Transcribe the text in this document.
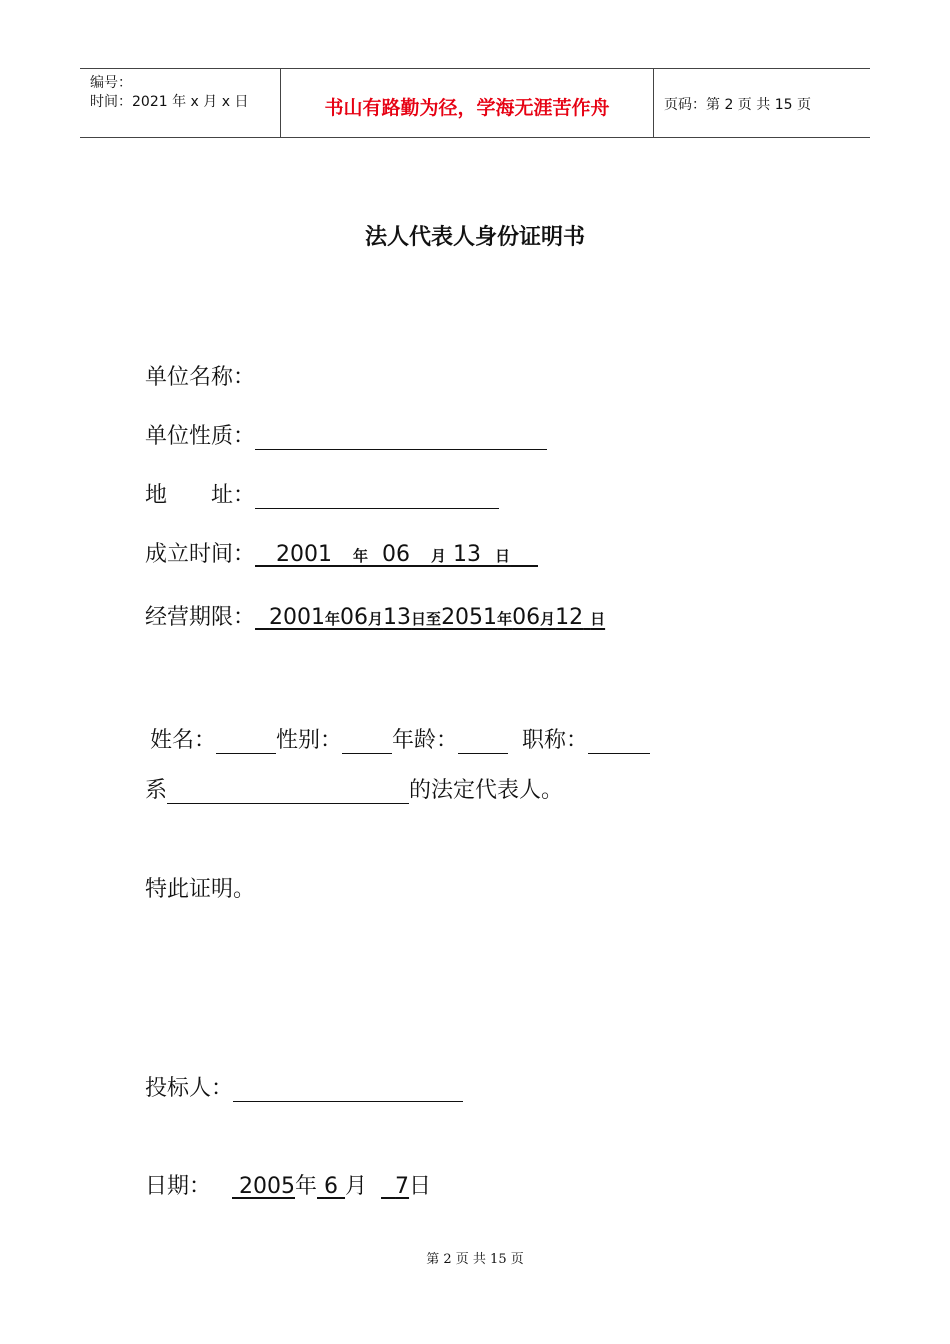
编号：
时间：2021 年 x 月 x 日	书山有路勤为径，学海无涯苦作舟	页码：第 2 页 共 15 页
法人代表人身份证明书
单位名称：
单位性质：
地　　址：
成立时间： 2001 年 06 月 13 日
经营期限： 2001年06月13日至2051年06月12 日
姓名：	性别： 年龄：	职称：
系	的法定代表人。
特此证明。
投标人：
日期： 2005年 6 月 7日
第 2 页 共 15 页
